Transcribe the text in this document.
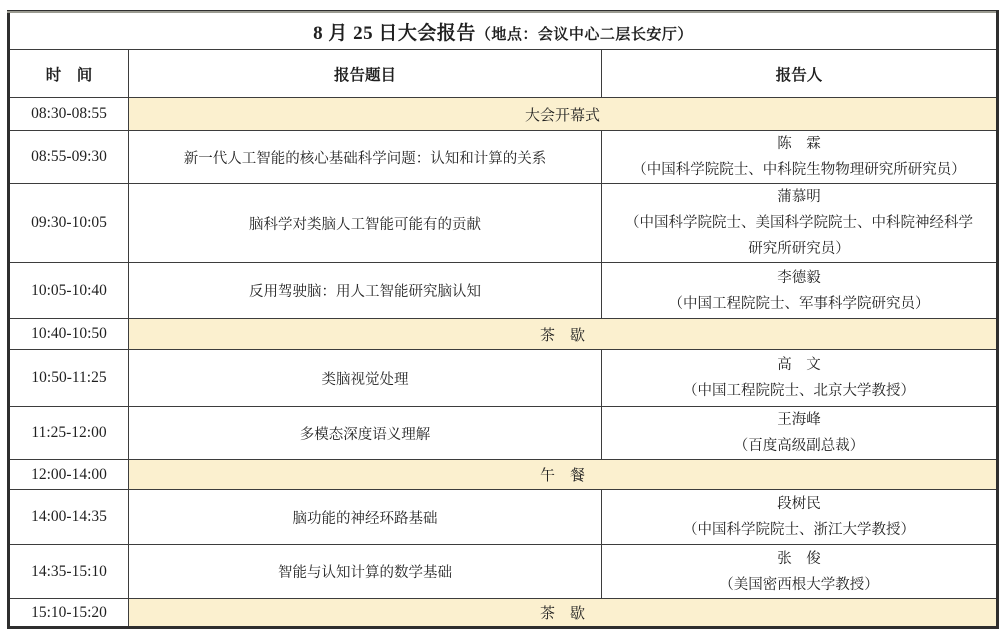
8 月 25 日大会报告（地点：会议中心二层长安厅）		
时　间	报告题目	报告人
08:30-08:55	大会开幕式	
08:55-09:30	新一代人工智能的核心基础科学问题：认知和计算的关系	陈　霖
（中国科学院院士、中科院生物物理研究所研究员）

09:30-10:05	脑科学对类脑人工智能可能有的贡献	蒲慕明
（中国科学院院士、美国科学院院士、中科院神经科学研究所研究员）

10:05-10:40	反用驾驶脑：用人工智能研究脑认知	李德毅
（中国工程院院士、军事科学院研究员）

10:40-10:50	茶　歇	
10:50-11:25	类脑视觉处理	高　文
（中国工程院院士、北京大学教授）

11:25-12:00	多模态深度语义理解	王海峰
（百度高级副总裁）

12:00-14:00	午　餐	
14:00-14:35	脑功能的神经环路基础	段树民
（中国科学院院士、浙江大学教授）

14:35-15:10	智能与认知计算的数学基础	张　俊
（美国密西根大学教授）

15:10-15:20	茶　歇	
